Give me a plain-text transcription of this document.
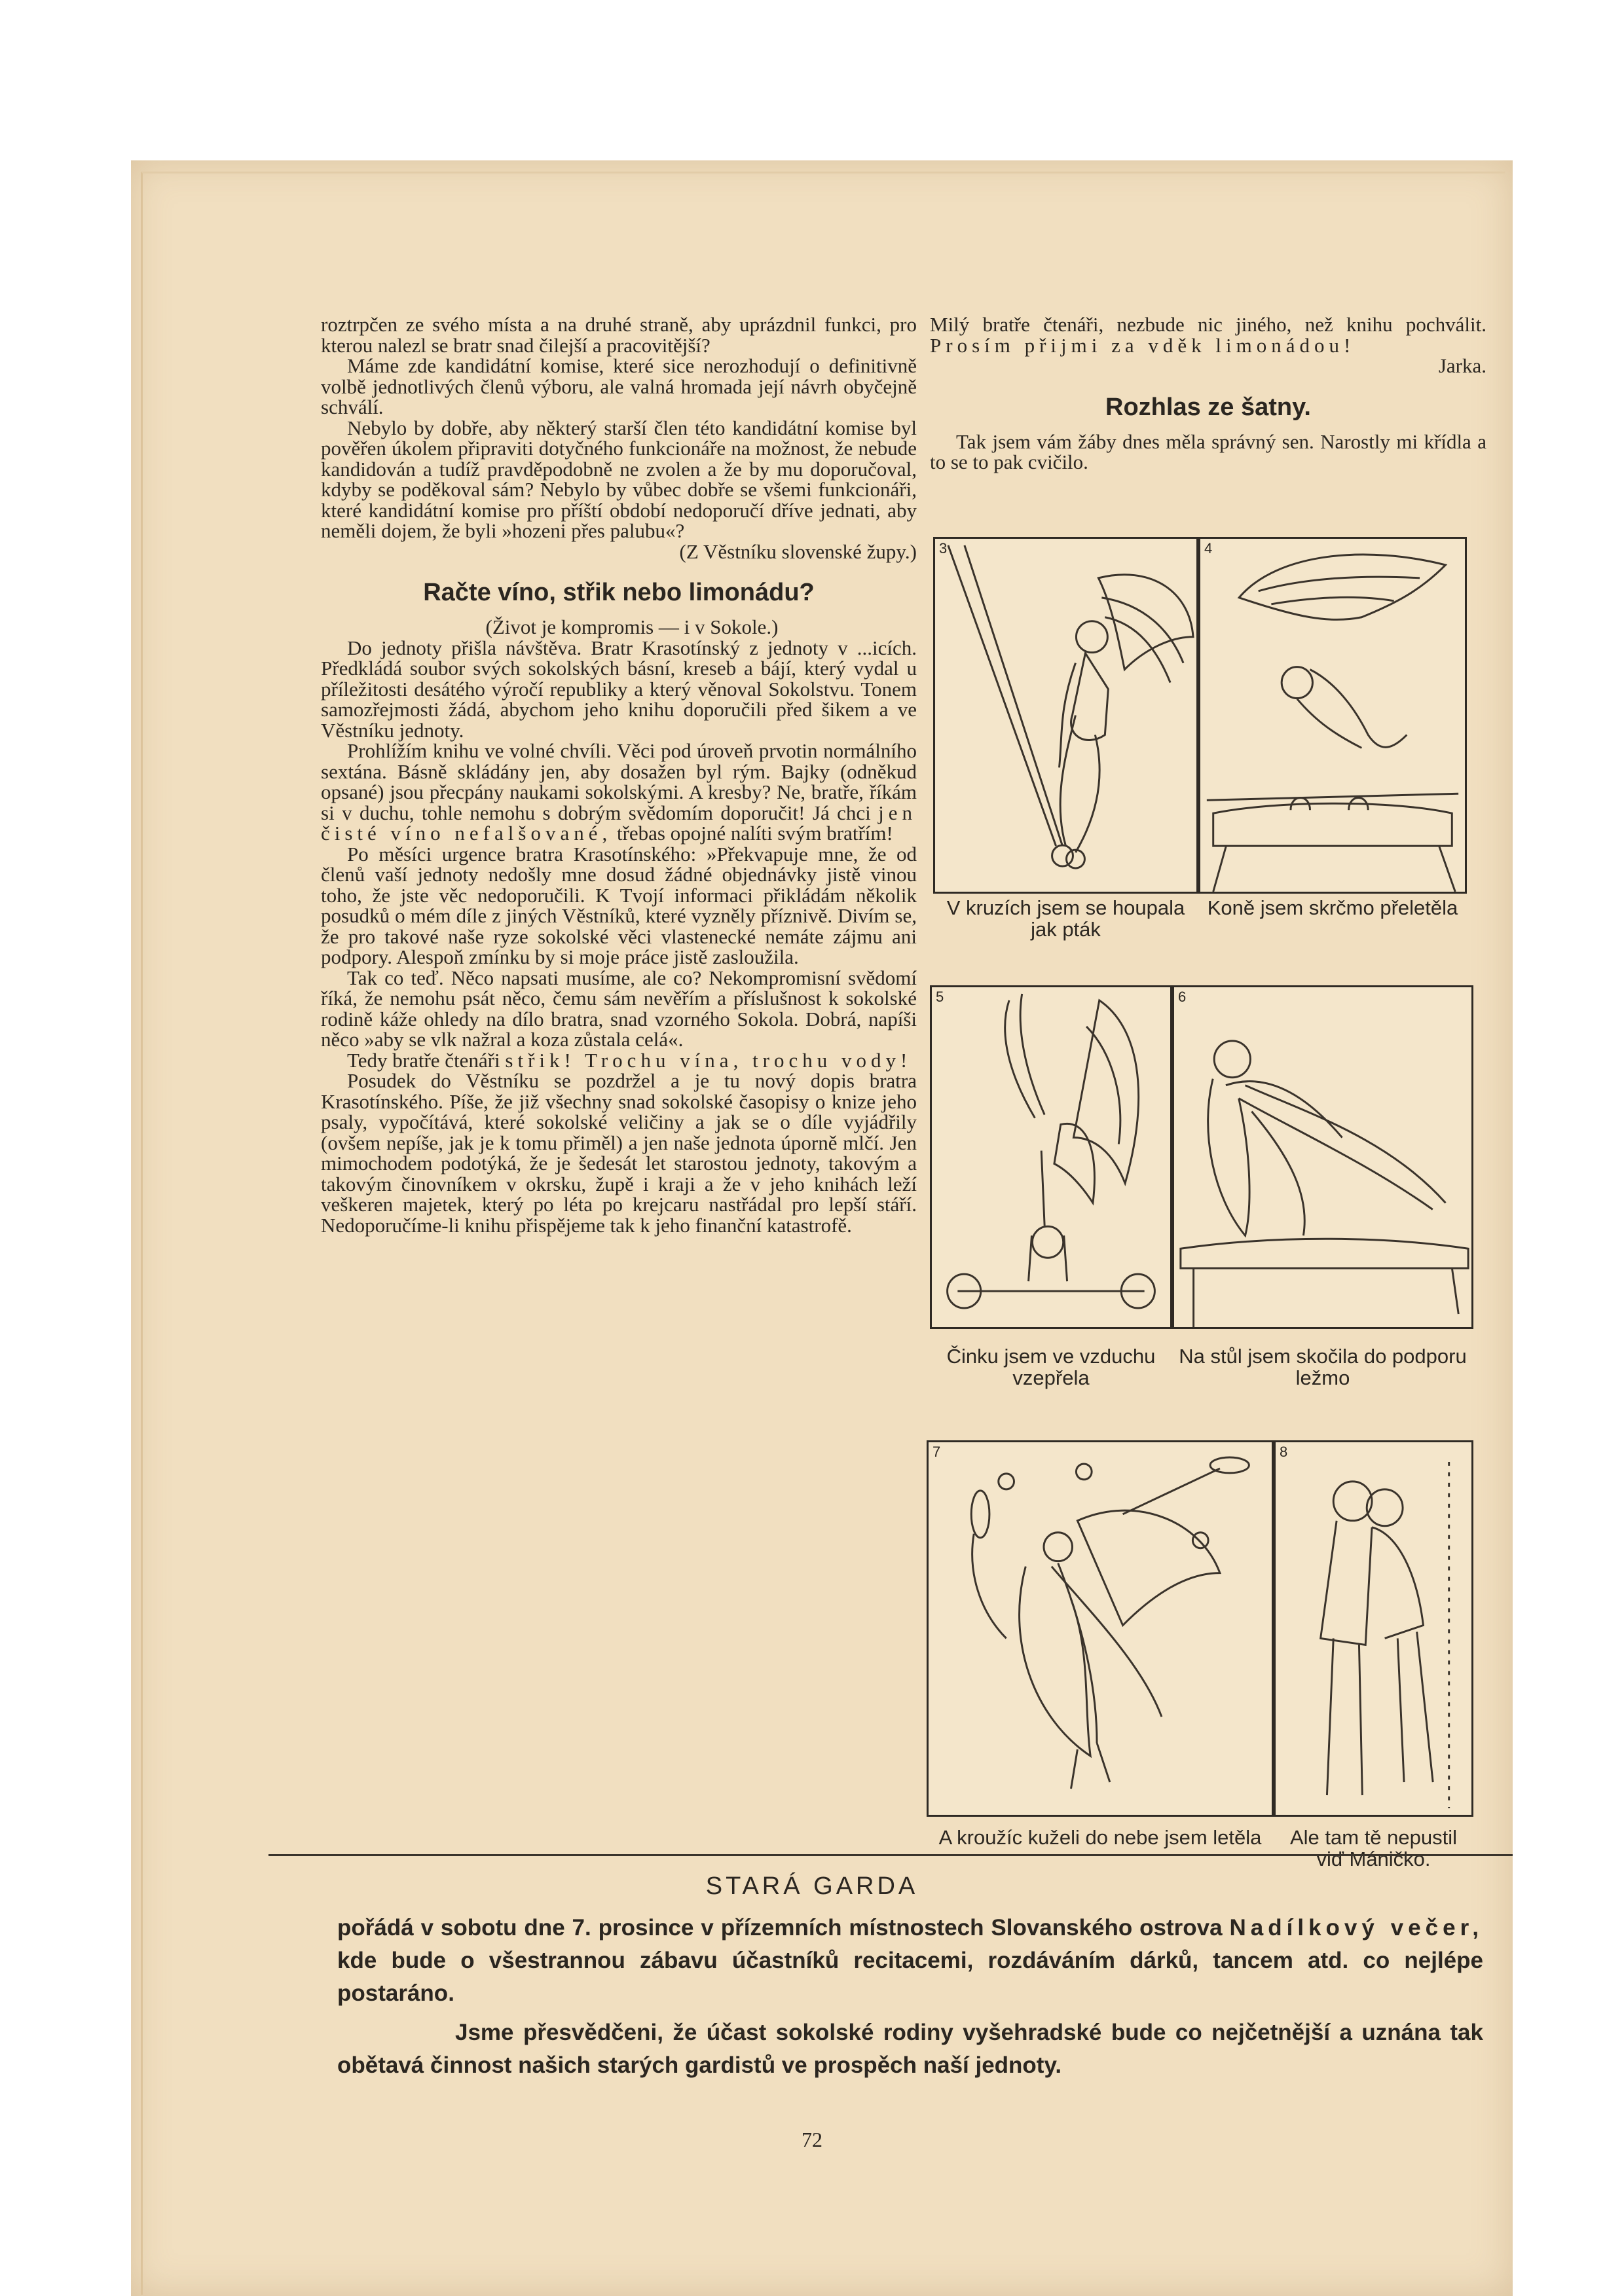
roztrpčen ze svého místa a na druhé straně, aby uprázdnil funkci, pro kterou nalezl se bratr snad čilejší a pracovitější?

Máme zde kandidátní komise, které sice nerozhodují o definitivně volbě jednotlivých členů výboru, ale valná hromada její návrh obyčejně schválí.

Nebylo by dobře, aby některý starší člen této kandidátní komise byl pověřen úkolem připraviti dotyčného funkcionáře na možnost, že nebude kandidován a tudíž pravděpodobně ne zvolen a že by mu doporučoval, kdyby se poděkoval sám? Nebylo by vůbec dobře se všemi funkcionáři, které kandidátní komise pro příští období nedoporučí dříve jednati, aby neměli dojem, že byli »hozeni přes palubu«?

(Z Věstníku slovenské župy.)

Račte víno, střik nebo limonádu?

(Život je kompromis — i v Sokole.)

Do jednoty přišla návštěva. Bratr Krasotínský z jednoty v ...icích. Předkládá soubor svých sokolských básní, kreseb a bájí, který vydal u příležitosti desátého výročí republiky a který věnoval Sokolstvu. Tonem samozřejmosti žádá, abychom jeho knihu doporučili před šikem a ve Věstníku jednoty.

Prohlížím knihu ve volné chvíli. Věci pod úroveň prvotin normálního sextána. Básně skládány jen, aby dosažen byl rým. Bajky (odněkud opsané) jsou přecpány naukami sokolskými. A kresby? Ne, bratře, říkám si v duchu, tohle nemohu s dobrým svědomím doporučit! Já chci jen čisté víno nefalšované, třebas opojné nalíti svým bratřím!

Po měsíci urgence bratra Krasotínského: »Překvapuje mne, že od členů vaší jednoty nedošly mne dosud žádné objednávky jistě vinou toho, že jste věc nedoporučili. K Tvojí informaci přikládám několik posudků o mém díle z jiných Věstníků, které vyzněly příznivě. Divím se, že pro takové naše ryze sokolské věci vlastenecké nemáte zájmu ani podpory. Alespoň zmínku by si moje práce jistě zasloužila.

Tak co teď. Něco napsati musíme, ale co? Nekompromisní svědomí říká, že nemohu psát něco, čemu sám nevěřím a příslušnost k sokolské rodině káže ohledy na dílo bratra, snad vzorného Sokola. Dobrá, napíši něco »aby se vlk nažral a koza zůstala celá«.

Tedy bratře čtenáři střik! Trochu vína, trochu vody!

Posudek do Věstníku se pozdržel a je tu nový dopis bratra Krasotínského. Píše, že již všechny snad sokolské časopisy o knize jeho psaly, vypočítává, které sokolské veličiny a jak se o díle vyjádřily (ovšem nepíše, jak je k tomu přiměl) a jen naše jednota úporně mlčí. Jen mimochodem podotýká, že je šedesát let starostou jednoty, takovým a takovým činovníkem v okrsku, župě i kraji a že v jeho knihách leží veškeren majetek, který po léta po krejcaru nastřádal pro lepší stáří. Nedoporučíme-li knihu přispějeme tak k jeho finanční katastrofě.

Milý bratře čtenáři, nezbude nic jiného, než knihu pochválit. Prosím přijmi za vděk limonádou!

Jarka.

Rozhlas ze šatny.

Tak jsem vám žáby dnes měla správný sen. Narostly mi křídla a to se to pak cvičilo.

3	4
V kruzích jsem se houpala jak pták
Koně jsem skrčmo přeletěla
5	6
Činku jsem ve vzduchu vzepřela
Na stůl jsem skočila do podporu ležmo
7	8
A kroužíc kuželi do nebe jsem letěla	Ale tam tě nepustil viď Máničko.
STARÁ GARDA

pořádá v sobotu dne 7. prosince v přízemních místnostech Slovanského ostrova Nadílkový večer, kde bude o všestrannou zábavu účastníků recitacemi, rozdáváním dárků, tancem atd. co nejlépe postaráno.

Jsme přesvědčeni, že účast sokolské rodiny vyšehradské bude co nejčetnější a uznána tak obětavá činnost našich starých gardistů ve prospěch naší jednoty.

72
